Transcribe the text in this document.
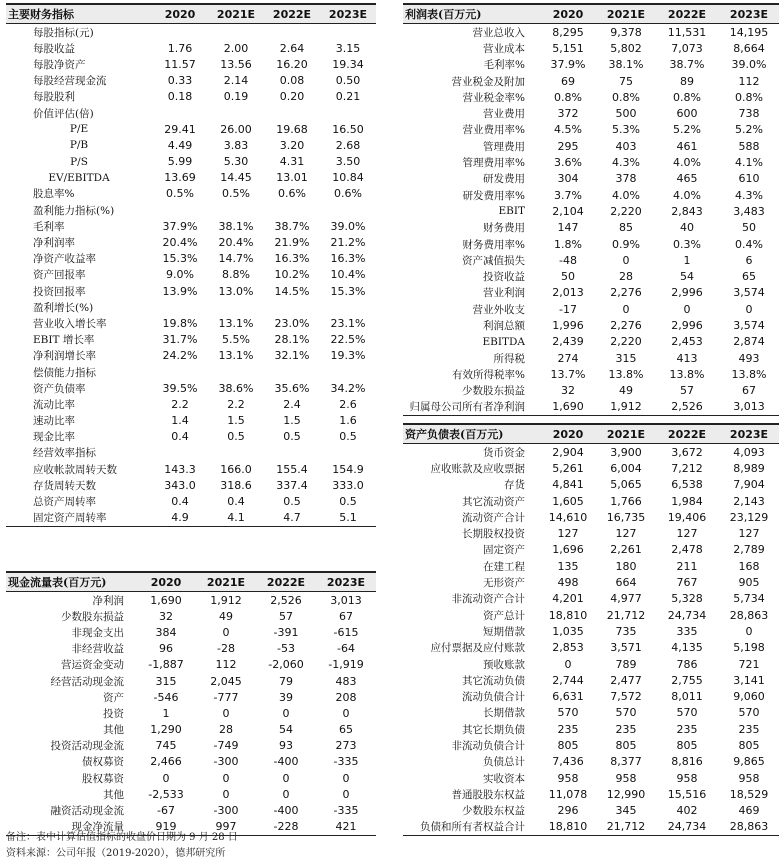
主要财务指标	2020	2021E	2022E	2023E
每股指标(元)				
每股收益	1.76	2.00	2.64	3.15
每股净资产	11.57	13.56	16.20	19.34
每股经营现金流	0.33	2.14	0.08	0.50
每股股利	0.18	0.19	0.20	0.21
价值评估(倍)				
P/E	29.41	26.00	19.68	16.50
P/B	4.49	3.83	3.20	2.68
P/S	5.99	5.30	4.31	3.50
EV/EBITDA	13.69	14.45	13.01	10.84
股息率%	0.5%	0.5%	0.6%	0.6%
盈利能力指标(%)				
毛利率	37.9%	38.1%	38.7%	39.0%
净利润率	20.4%	20.4%	21.9%	21.2%
净资产收益率	15.3%	14.7%	16.3%	16.3%
资产回报率	9.0%	8.8%	10.2%	10.4%
投资回报率	13.9%	13.0%	14.5%	15.3%
盈利增长(%)				
营业收入增长率	19.8%	13.1%	23.0%	23.1%
EBIT 增长率	31.7%	5.5%	28.1%	22.5%
净利润增长率	24.2%	13.1%	32.1%	19.3%
偿债能力指标				
资产负债率	39.5%	38.6%	35.6%	34.2%
流动比率	2.2	2.2	2.4	2.6
速动比率	1.4	1.5	1.5	1.6
现金比率	0.4	0.5	0.5	0.5
经营效率指标				
应收帐款周转天数	143.3	166.0	155.4	154.9
存货周转天数	343.0	318.6	337.4	333.0
总资产周转率	0.4	0.4	0.5	0.5
固定资产周转率	4.9	4.1	4.7	5.1
利润表(百万元)	2020	2021E	2022E	2023E
营业总收入	8,295	9,378	11,531	14,195
营业成本	5,151	5,802	7,073	8,664
毛利率%	37.9%	38.1%	38.7%	39.0%
营业税金及附加	69	75	89	112
营业税金率%	0.8%	0.8%	0.8%	0.8%
营业费用	372	500	600	738
营业费用率%	4.5%	5.3%	5.2%	5.2%
管理费用	295	403	461	588
管理费用率%	3.6%	4.3%	4.0%	4.1%
研发费用	304	378	465	610
研发费用率%	3.7%	4.0%	4.0%	4.3%
EBIT	2,104	2,220	2,843	3,483
财务费用	147	85	40	50
财务费用率%	1.8%	0.9%	0.3%	0.4%
资产减值损失	-48	0	1	6
投资收益	50	28	54	65
营业利润	2,013	2,276	2,996	3,574
营业外收支	-17	0	0	0
利润总额	1,996	2,276	2,996	3,574
EBITDA	2,439	2,220	2,453	2,874
所得税	274	315	413	493
有效所得税率%	13.7%	13.8%	13.8%	13.8%
少数股东损益	32	49	57	67
归属母公司所有者净利润	1,690	1,912	2,526	3,013
资产负债表(百万元)	2020	2021E	2022E	2023E
货币资金	2,904	3,900	3,672	4,093
应收账款及应收票据	5,261	6,004	7,212	8,989
存货	4,841	5,065	6,538	7,904
其它流动资产	1,605	1,766	1,984	2,143
流动资产合计	14,610	16,735	19,406	23,129
长期股权投资	127	127	127	127
固定资产	1,696	2,261	2,478	2,789
在建工程	135	180	211	168
无形资产	498	664	767	905
非流动资产合计	4,201	4,977	5,328	5,734
资产总计	18,810	21,712	24,734	28,863
短期借款	1,035	735	335	0
应付票据及应付账款	2,853	3,571	4,135	5,198
预收账款	0	789	786	721
其它流动负债	2,744	2,477	2,755	3,141
流动负债合计	6,631	7,572	8,011	9,060
长期借款	570	570	570	570
其它长期负债	235	235	235	235
非流动负债合计	805	805	805	805
负债总计	7,436	8,377	8,816	9,865
实收资本	958	958	958	958
普通股股东权益	11,078	12,990	15,516	18,529
少数股东权益	296	345	402	469
负债和所有者权益合计	18,810	21,712	24,734	28,863
现金流量表(百万元)	2020	2021E	2022E	2023E
净利润	1,690	1,912	2,526	3,013
少数股东损益	32	49	57	67
非现金支出	384	0	-391	-615
非经营收益	96	-28	-53	-64
营运资金变动	-1,887	112	-2,060	-1,919
经营活动现金流	315	2,045	79	483
资产	-546	-777	39	208
投资	1	0	0	0
其他	1,290	28	54	65
投资活动现金流	745	-749	93	273
债权募资	2,466	-300	-400	-335
股权募资	0	0	0	0
其他	-2,533	0	0	0
融资活动现金流	-67	-300	-400	-335
现金净流量	919	997	-228	421
备注：表中计算估值指标的收盘价日期为 9 月 28 日
资料来源：公司年报（2019-2020），德邦研究所
